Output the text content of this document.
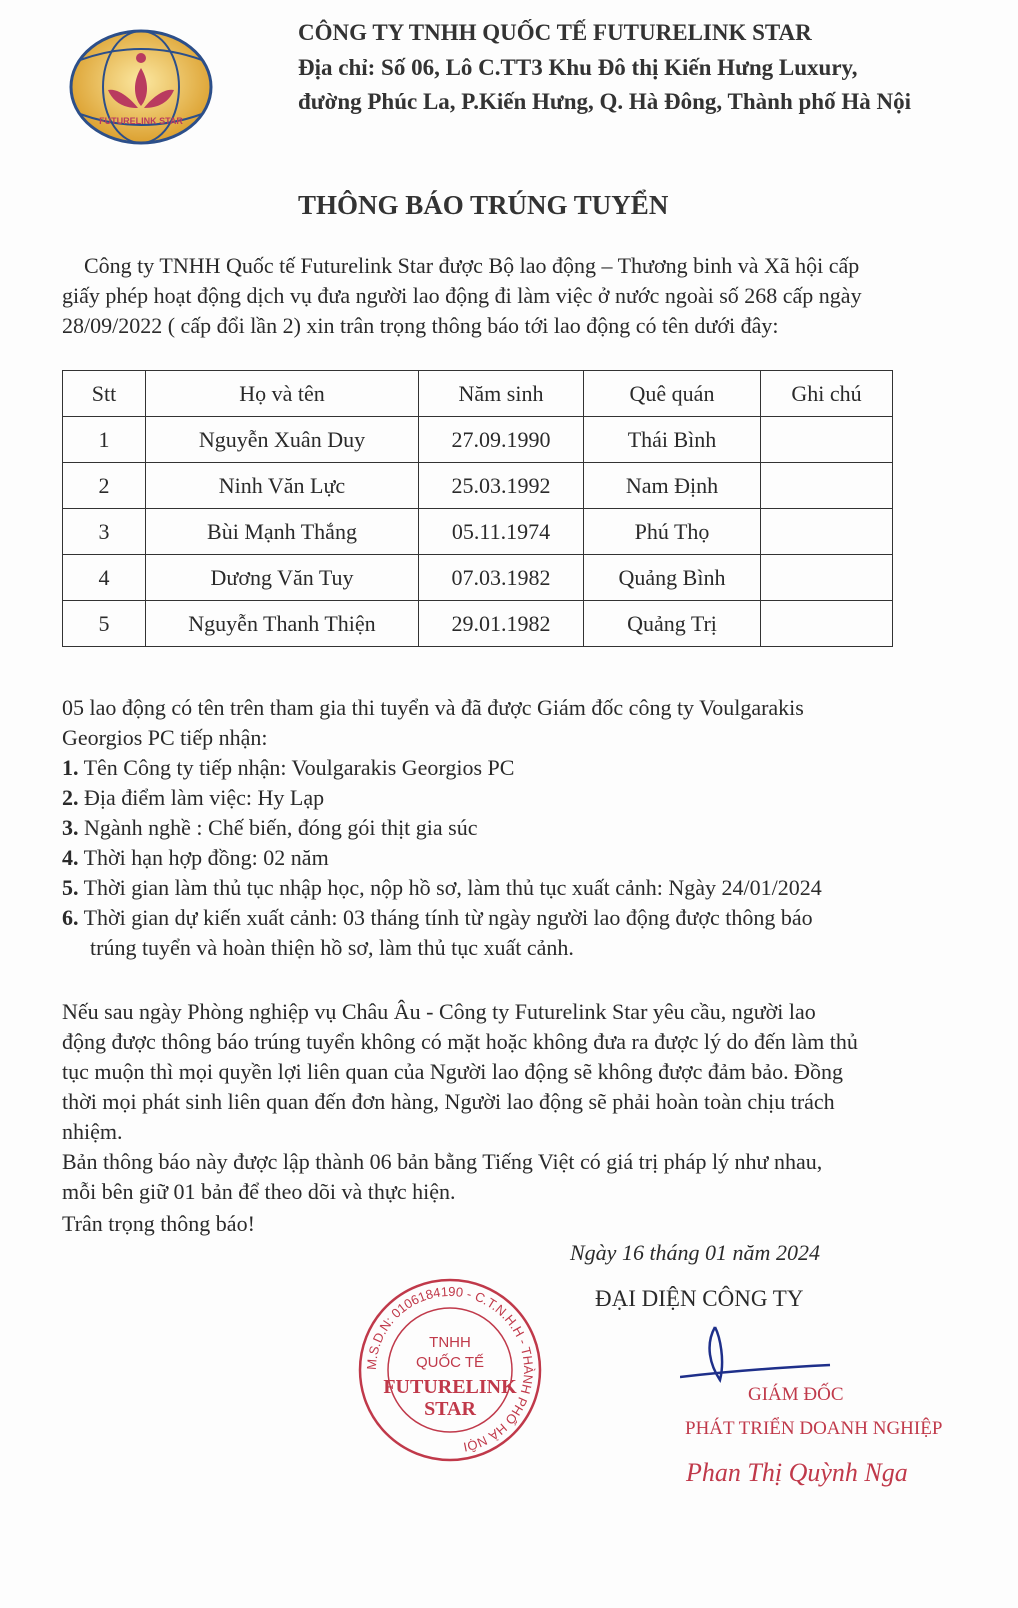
FUTURELINK STAR
CÔNG TY TNHH QUỐC TẾ FUTURELINK STAR
Địa chỉ: Số 06, Lô C.TT3 Khu Đô thị Kiến Hưng Luxury,
đường Phúc La, P.Kiến Hưng, Q. Hà Đông, Thành phố Hà Nội
THÔNG BÁO TRÚNG TUYỂN
Công ty TNHH Quốc tế Futurelink Star được Bộ lao động – Thương binh và Xã hội cấp
giấy phép hoạt động dịch vụ đưa người lao động đi làm việc ở nước ngoài số 268 cấp ngày
28/09/2022 ( cấp đổi lần 2) xin trân trọng thông báo tới lao động có tên dưới đây:
Stt	Họ và tên	Năm sinh	Quê quán	Ghi chú
1	Nguyễn Xuân Duy	27.09.1990	Thái Bình	
2	Ninh Văn Lực	25.03.1992	Nam Định	
3	Bùi Mạnh Thắng	05.11.1974	Phú Thọ	
4	Dương Văn Tuy	07.03.1982	Quảng Bình	
5	Nguyễn Thanh Thiện	29.01.1982	Quảng Trị	
05 lao động có tên trên tham gia thi tuyển và đã được Giám đốc công ty Voulgarakis
Georgios PC tiếp nhận:
1. Tên Công ty tiếp nhận: Voulgarakis Georgios PC
2. Địa điểm làm việc: Hy Lạp
3. Ngành nghề : Chế biến, đóng gói thịt gia súc
4. Thời hạn hợp đồng: 02 năm
5. Thời gian làm thủ tục nhập học, nộp hồ sơ, làm thủ tục xuất cảnh: Ngày 24/01/2024
6. Thời gian dự kiến xuất cảnh: 03 tháng tính từ ngày người lao động được thông báo
trúng tuyển và hoàn thiện hồ sơ, làm thủ tục xuất cảnh.
Nếu sau ngày Phòng nghiệp vụ Châu Âu - Công ty Futurelink Star yêu cầu, người lao
động được thông báo trúng tuyển không có mặt hoặc không đưa ra được lý do đến làm thủ
tục muộn thì mọi quyền lợi liên quan của Người lao động sẽ không được đảm bảo. Đồng
thời mọi phát sinh liên quan đến đơn hàng, Người lao động sẽ phải hoàn toàn chịu trách
nhiệm.
Bản thông báo này được lập thành 06 bản bằng Tiếng Việt có giá trị pháp lý như nhau,
mỗi bên giữ 01 bản để theo dõi và thực hiện.
Trân trọng thông báo!
M.S.D.N: 0106184190 - C.T.N.H.H - THÀNH PHỐ HÀ NỘI
TNHH
QUỐC TẾ
FUTURELINK
STAR
Ngày 16 tháng 01 năm 2024
ĐẠI DIỆN CÔNG TY
GIÁM ĐỐC
PHÁT TRIỂN DOANH NGHIỆP
Phan Thị Quỳnh Nga
